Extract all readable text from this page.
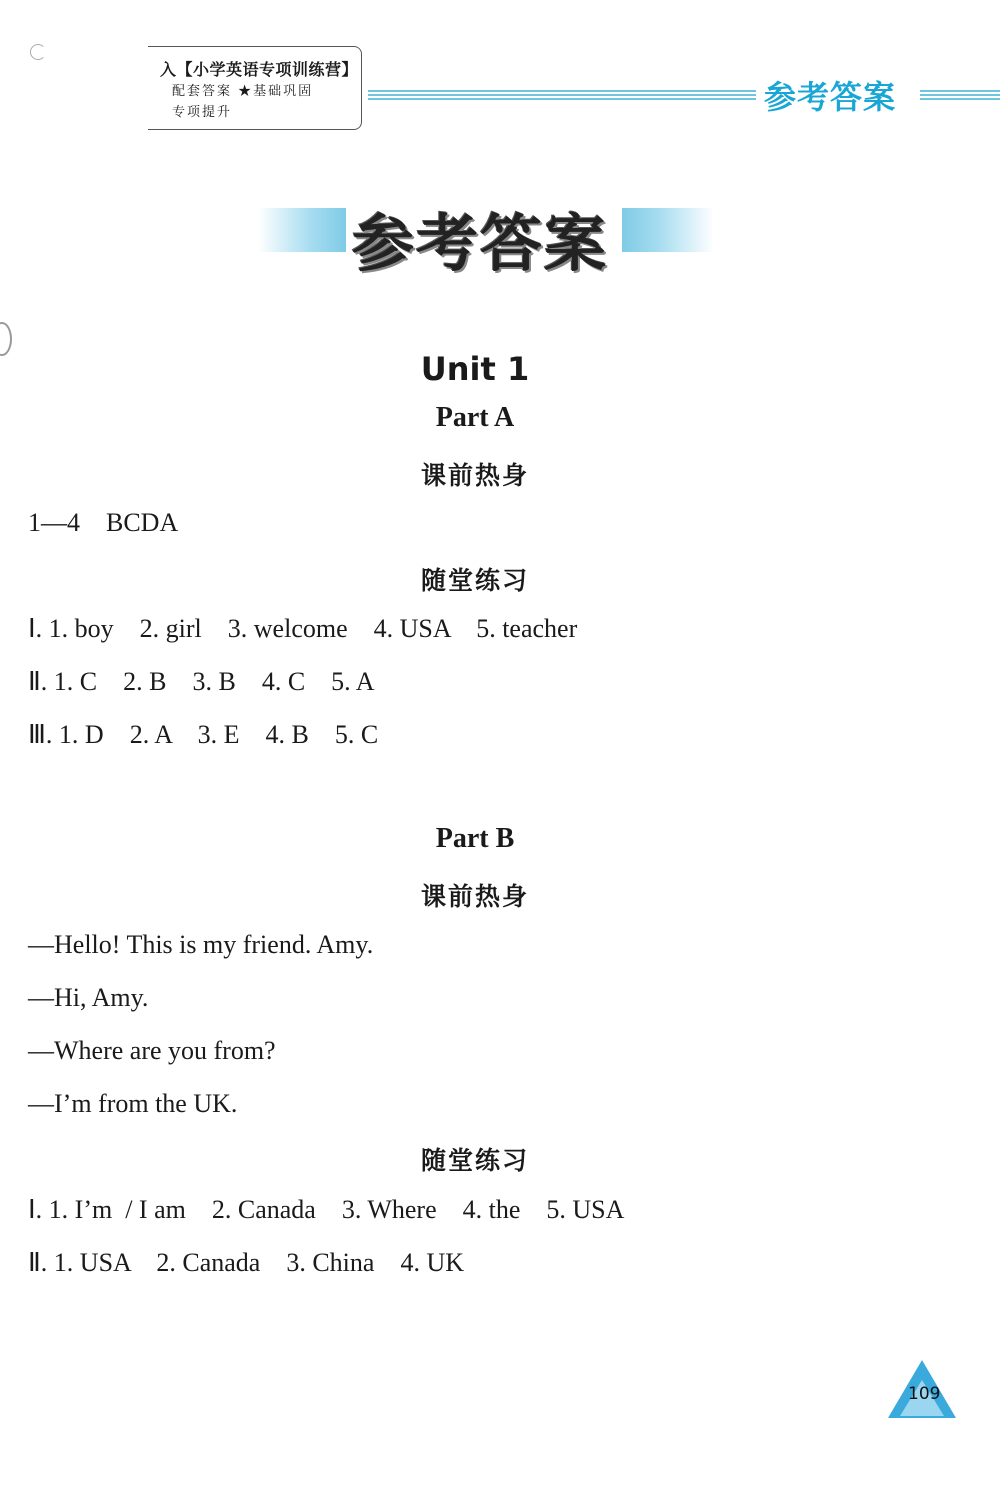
入【小学英语专项训练营】
配套答案 ★基础巩固
专项提升	参考答案
参考答案
Unit 1
Part A
课前热身
1—4    BCDA
随堂练习
Ⅰ. 1. boy    2. girl    3. welcome    4. USA    5. teacher
Ⅱ. 1. C    2. B    3. B    4. C    5. A
Ⅲ. 1. D    2. A    3. E    4. B    5. C
Part B
课前热身
—Hello! This is my friend. Amy.
—Hi, Amy.
—Where are you from?
—I’m from the UK.
随堂练习
Ⅰ. 1. I’m  / I am    2. Canada    3. Where    4. the    5. USA
Ⅱ. 1. USA    2. Canada    3. China    4. UK
109
